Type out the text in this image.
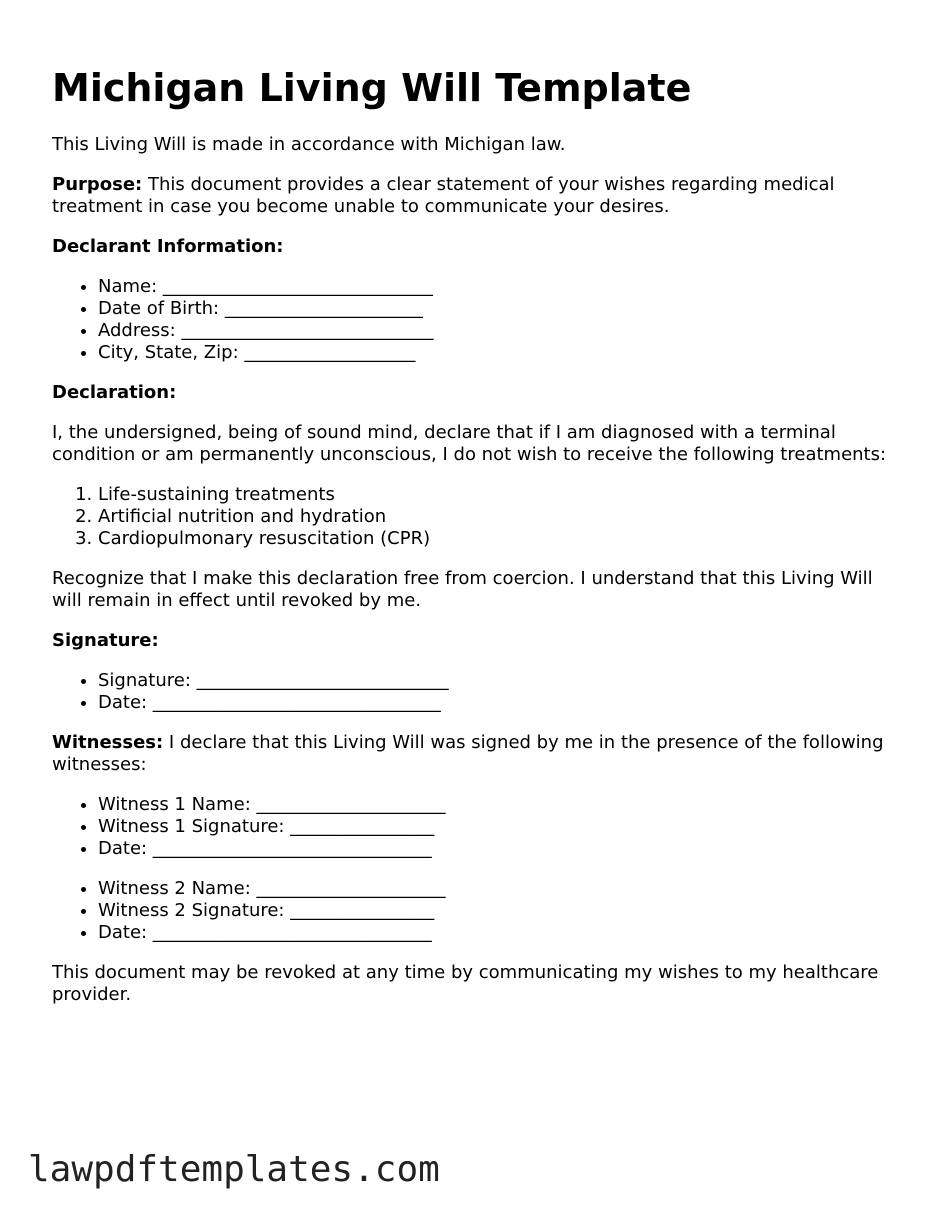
Michigan Living Will Template

This Living Will is made in accordance with Michigan law.

Purpose: This document provides a clear statement of your wishes regarding medical treatment in case you become unable to communicate your desires.

Declarant Information:

• Name: ______________________________
• Date of Birth: ______________________
• Address: ____________________________
• City, State, Zip: ___________________

Declaration:

I, the undersigned, being of sound mind, declare that if I am diagnosed with a terminal condition or am permanently unconscious, I do not wish to receive the following treatments:

1. Life-sustaining treatments
2. Artificial nutrition and hydration
3. Cardiopulmonary resuscitation (CPR)

Recognize that I make this declaration free from coercion. I understand that this Living Will will remain in effect until revoked by me.

Signature:

• Signature: ____________________________
• Date: ________________________________

Witnesses: I declare that this Living Will was signed by me in the presence of the following witnesses:

• Witness 1 Name: _____________________
• Witness 1 Signature: ________________
• Date: _______________________________
• Witness 2 Name: _____________________
• Witness 2 Signature: ________________
• Date: _______________________________

This document may be revoked at any time by communicating my wishes to my healthcare provider.

lawpdftemplates.com
